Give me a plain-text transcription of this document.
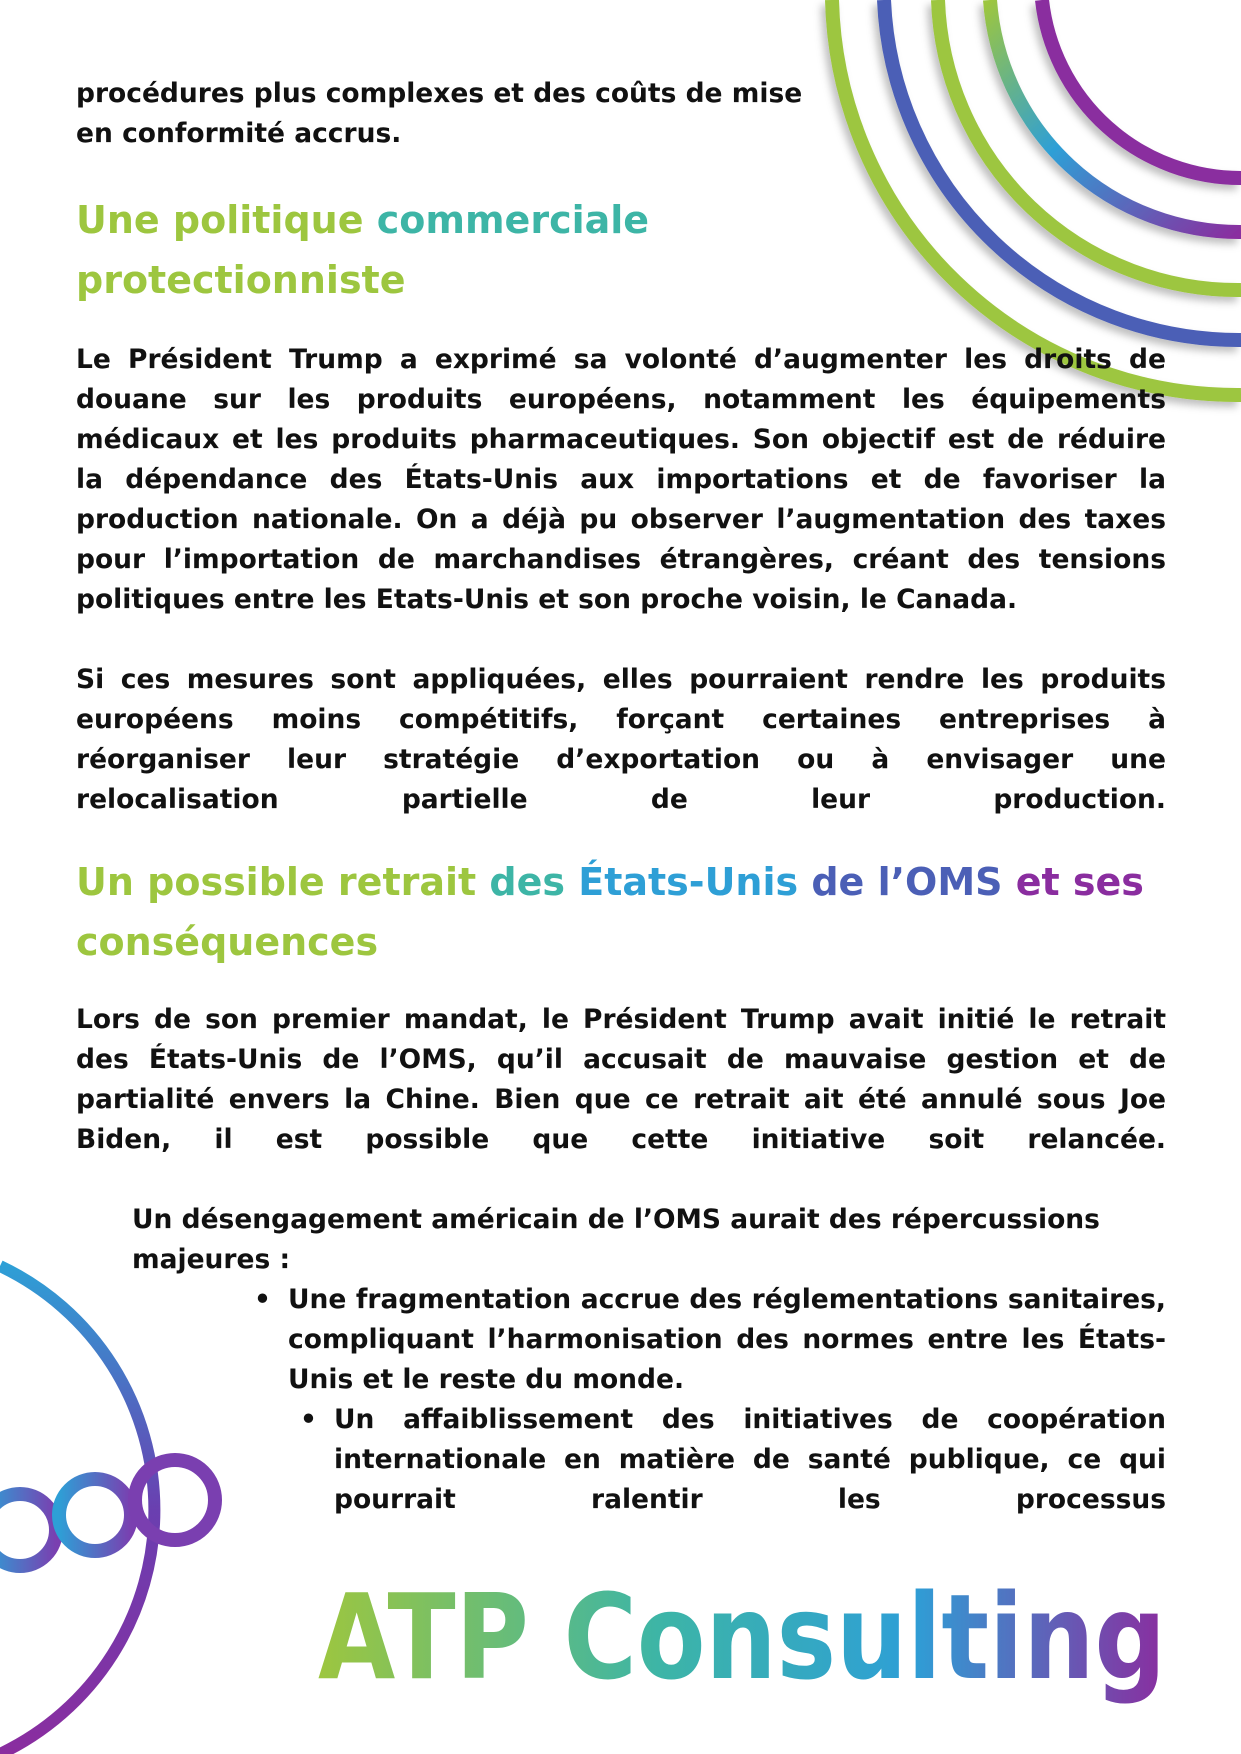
procédures plus complexes et des coûts de mise en conformité accrus.

Une politique commerciale
protectionniste

Le Président Trump a exprimé sa volonté d’augmenter les droits de douane sur les produits européens, notamment les équipements médicaux et les produits pharmaceutiques. Son objectif est de réduire la dépendance des États-Unis aux importations et de favoriser la production nationale. On a déjà pu observer l’augmentation des taxes pour l’importation de marchandises étrangères, créant des tensions politiques entre les Etats-Unis et son proche voisin, le Canada.

Si ces mesures sont appliquées, elles pourraient rendre les produits européens moins compétitifs, forçant certaines entreprises à réorganiser leur stratégie d’exportation ou à envisager une relocalisation partielle de leur production.

Un possible retrait des États-Unis de l’OMS et ses
conséquences

Lors de son premier mandat, le Président Trump avait initié le retrait des États-Unis de l’OMS, qu’il accusait de mauvaise gestion et de partialité envers la Chine. Bien que ce retrait ait été annulé sous Joe Biden, il est possible que cette initiative soit relancée.

Un désengagement américain de l’OMS aurait des répercussions majeures :

• Une fragmentation accrue des réglementations sanitaires, compliquant l’harmonisation des normes entre les États-Unis et le reste du monde.
• Un affaiblissement des initiatives de coopération internationale en matière de santé publique, ce qui pourrait ralentir les processus
ATP Consulting
